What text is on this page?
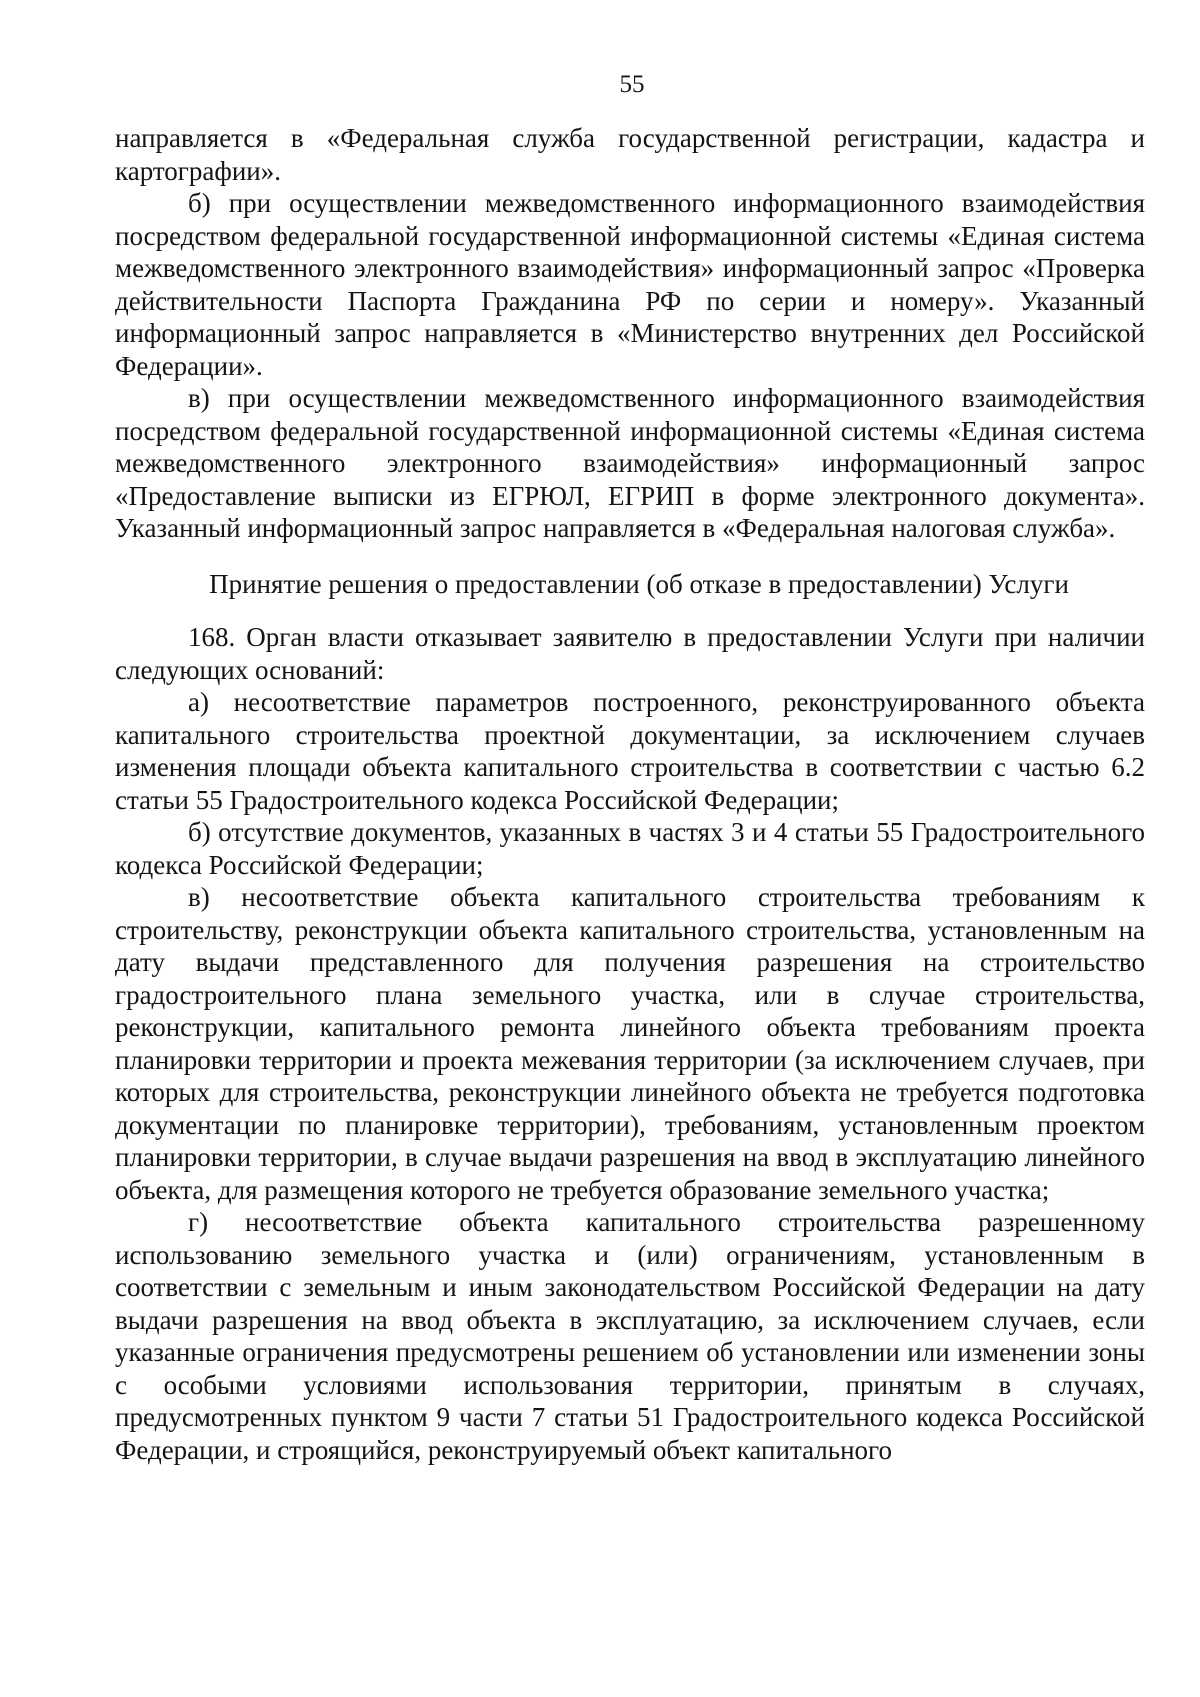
55

направляется в «Федеральная служба государственной регистрации, кадастра и картографии».

б) при осуществлении межведомственного информационного взаимодействия посредством федеральной государственной информационной системы «Единая система межведомственного электронного взаимодействия» информационный запрос «Проверка действительности Паспорта Гражданина РФ по серии и номеру». Указанный информационный запрос направляется в «Министерство внутренних дел Российской Федерации».

в) при осуществлении межведомственного информационного взаимодействия посредством федеральной государственной информационной системы «Единая система межведомственного электронного взаимодействия» информационный запрос «Предоставление выписки из ЕГРЮЛ, ЕГРИП в форме электронного документа». Указанный информационный запрос направляется в «Федеральная налоговая служба».

Принятие решения о предоставлении (об отказе в предоставлении) Услуги

168. Орган власти отказывает заявителю в предоставлении Услуги при наличии следующих оснований:

а) несоответствие параметров построенного, реконструированного объекта капитального строительства проектной документации, за исключением случаев изменения площади объекта капитального строительства в соответствии с частью 6.2 статьи 55 Градостроительного кодекса Российской Федерации;

б) отсутствие документов, указанных в частях 3 и 4 статьи 55 Градостроительного кодекса Российской Федерации;

в) несоответствие объекта капитального строительства требованиям к строительству, реконструкции объекта капитального строительства, установленным на дату выдачи представленного для получения разрешения на строительство градостроительного плана земельного участка, или в случае строительства, реконструкции, капитального ремонта линейного объекта требованиям проекта планировки территории и проекта межевания территории (за исключением случаев, при которых для строительства, реконструкции линейного объекта не требуется подготовка документации по планировке территории), требованиям, установленным проектом планировки территории, в случае выдачи разрешения на ввод в эксплуатацию линейного объекта, для размещения которого не требуется образование земельного участка;

г) несоответствие объекта капитального строительства разрешенному использованию земельного участка и (или) ограничениям, установленным в соответствии с земельным и иным законодательством Российской Федерации на дату выдачи разрешения на ввод объекта в эксплуатацию, за исключением случаев, если указанные ограничения предусмотрены решением об установлении или изменении зоны с особыми условиями использования территории, принятым в случаях, предусмотренных пунктом 9 части 7 статьи 51 Градостроительного кодекса Российской Федерации, и строящийся, реконструируемый объект капитального
